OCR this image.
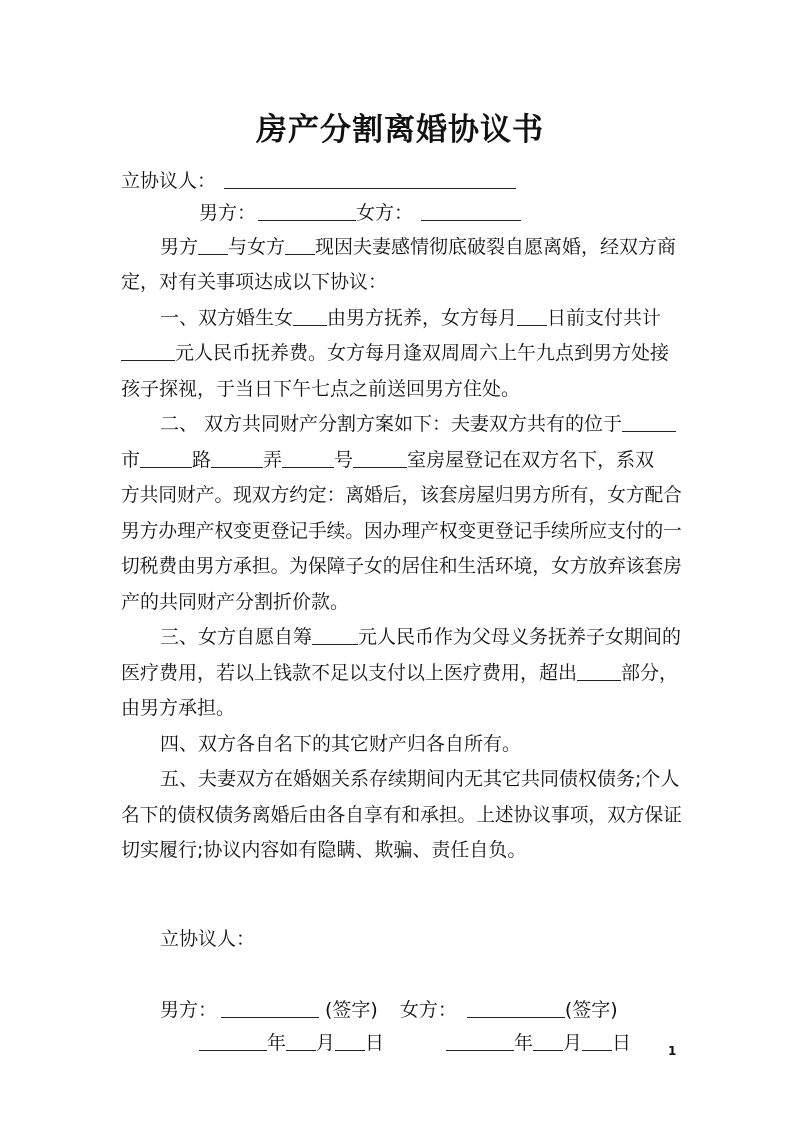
房产分割离婚协议书
立协议人：
男方：	女方：
男方 与女方 现因夫妻感情彻底破裂自愿离婚，经双方商
定，对有关事项达成以下协议：
一、双方婚生女 由男方抚养，女方每月 日前支付共计
元人民币抚养费。女方每月逢双周周六上午九点到男方处接
孩子探视，于当日下午七点之前送回男方住处。
二、 双方共同财产分割方案如下：夫妻双方共有的位于
市	路	弄	号	室房屋登记在双方名下，系双
方共同财产。现双方约定：离婚后，该套房屋归男方所有，女方配合
男方办理产权变更登记手续。因办理产权变更登记手续所应支付的一
切税费由男方承担。为保障子女的居住和生活环境，女方放弃该套房
产的共同财产分割折价款。
三、女方自愿自筹 元人民币作为父母义务抚养子女期间的
医疗费用，若以上钱款不足以支付以上医疗费用，超出 部分，
由男方承担。
四、双方各自名下的其它财产归各自所有。
五、夫妻双方在婚姻关系存续期间内无其它共同债权债务;个人
名下的债权债务离婚后由各自享有和承担。上述协议事项，双方保证
切实履行;协议内容如有隐瞒、欺骗、责任自负。
立协议人：
男方：	(签字) 女方：	(签字)
年 月 日	年 月 日	1
